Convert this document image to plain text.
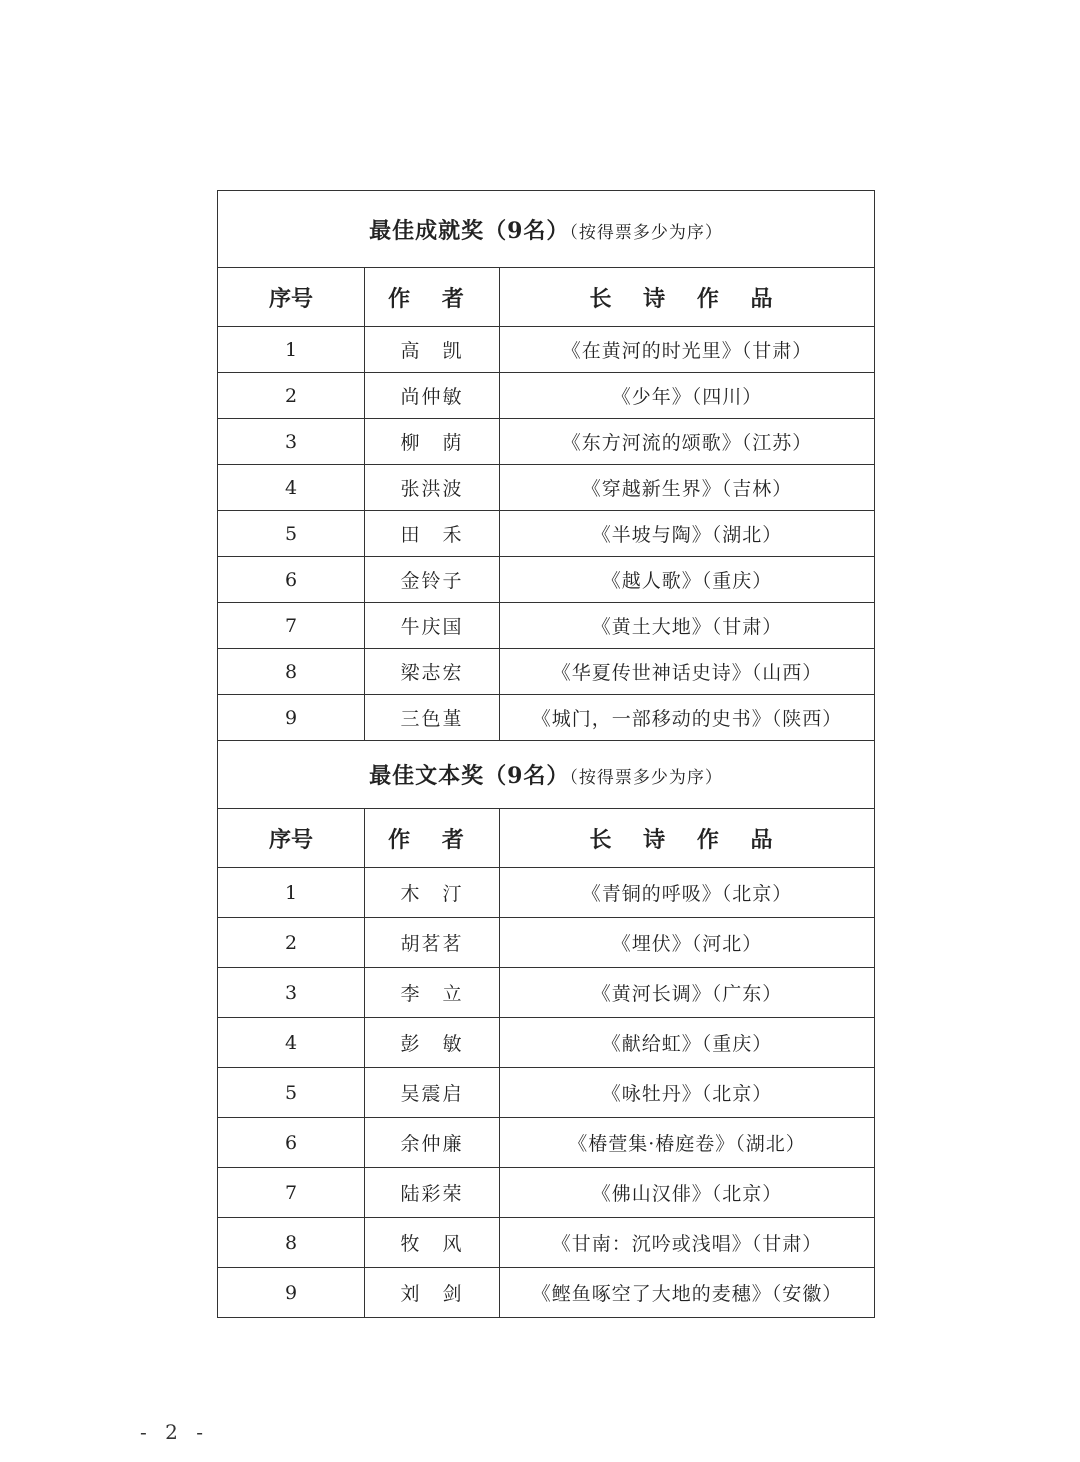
最佳成就奖（9名）（按得票多少为序）		
序号	作 者	长 诗 作 品
1	高　凯	《在黄河的时光里》（甘肃）
2	尚仲敏	《少年》（四川）
3	柳　荫	《东方河流的颂歌》（江苏）
4	张洪波	《穿越新生界》（吉林）
5	田　禾	《半坡与陶》（湖北）
6	金铃子	《越人歌》（重庆）
7	牛庆国	《黄土大地》（甘肃）
8	梁志宏	《华夏传世神话史诗》（山西）
9	三色堇	《城门，一部移动的史书》（陕西）
最佳文本奖（9名）（按得票多少为序）		
序号	作 者	长 诗 作 品
1	木　汀	《青铜的呼吸》（北京）
2	胡茗茗	《埋伏》（河北）
3	李　立	《黄河长调》（广东）
4	彭　敏	《献给虹》（重庆）
5	吴震启	《咏牡丹》（北京）
6	余仲廉	《椿萱集·椿庭卷》（湖北）
7	陆彩荣	《佛山汉俳》（北京）
8	牧　风	《甘南：沉吟或浅唱》（甘肃）
9	刘　剑	《鲣鱼啄空了大地的麦穗》（安徽）
- 2 -
